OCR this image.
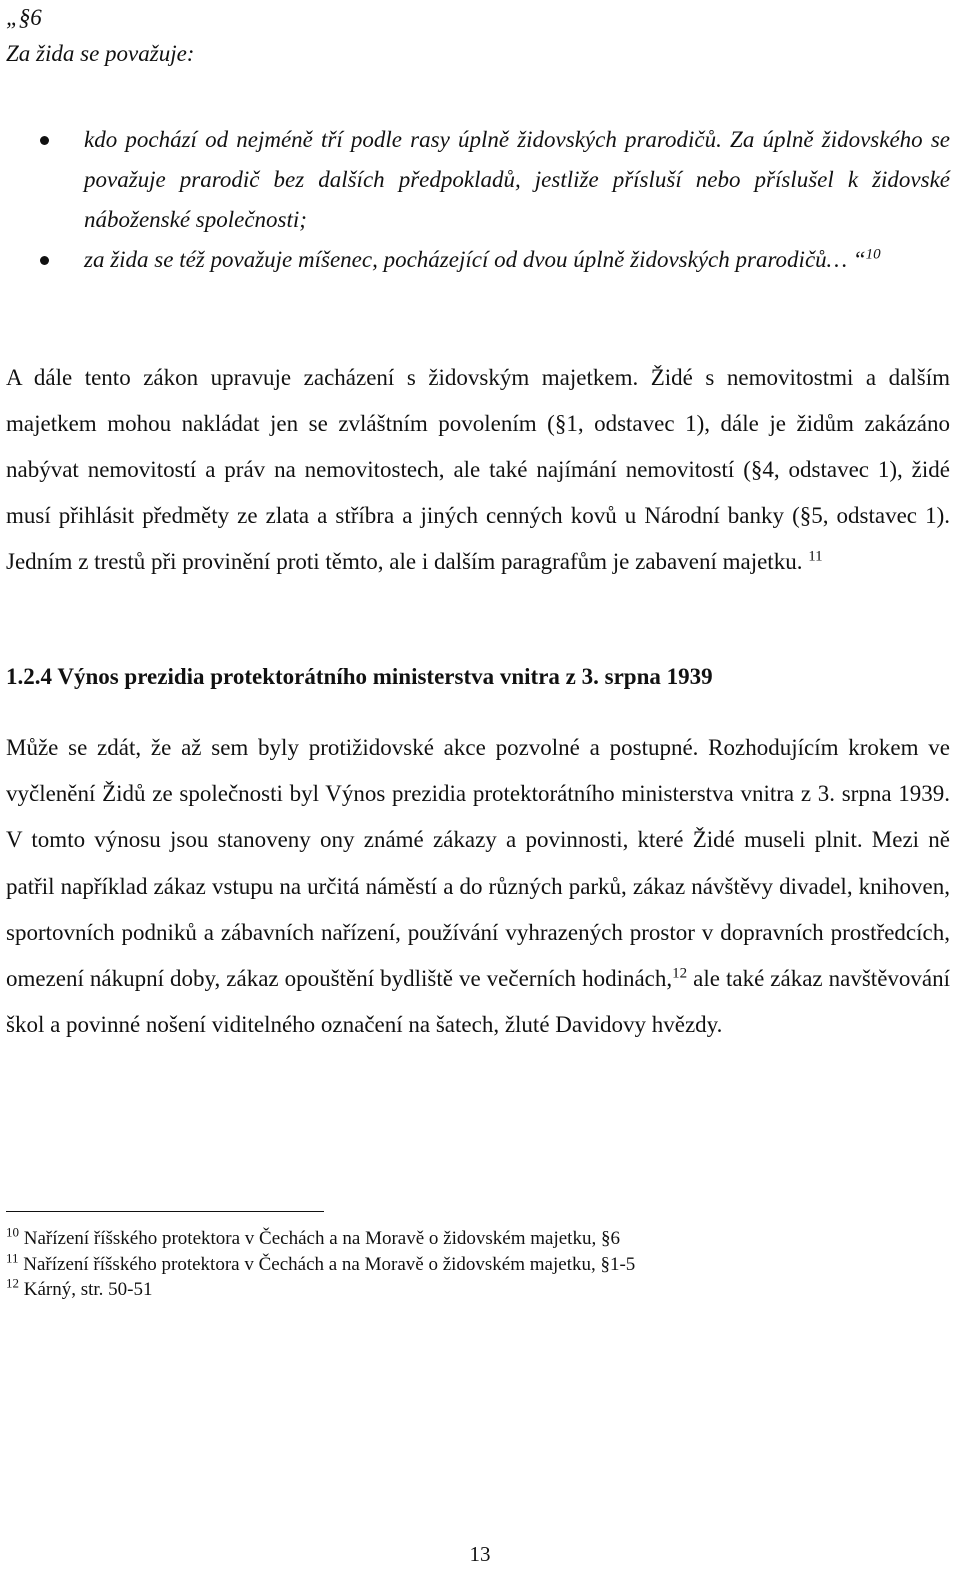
„§6
Za žida se považuje:
kdo pochází od nejméně tří podle rasy úplně židovských prarodičů. Za úplně židovského se považuje prarodič bez dalších předpokladů, jestliže přísluší nebo příslušel k židovské náboženské společnosti;
za žida se též považuje míšenec, pocházející od dvou úplně židovských prarodičů… “$^{10}$

A dále tento zákon upravuje zacházení s židovským majetkem. Židé s nemovitostmi a dalším majetkem mohou nakládat jen se zvláštním povolením (§1, odstavec 1), dále je židům zakázáno nabývat nemovitostí a práv na nemovitostech, ale také najímání nemovitostí (§4, odstavec 1), židé musí přihlásit předměty ze zlata a stříbra a jiných cenných kovů u Národní banky (§5, odstavec 1). Jedním z trestů při provinění proti těmto, ale i dalším paragrafům je zabavení majetku. $^{11}$

1.2.4 Výnos prezidia protektorátního ministerstva vnitra z 3. srpna 1939

Může se zdát, že až sem byly protižidovské akce pozvolné a postupné. Rozhodujícím krokem ve vyčlenění Židů ze společnosti byl Výnos prezidia protektorátního ministerstva vnitra z 3. srpna 1939. V tomto výnosu jsou stanoveny ony známé zákazy a povinnosti, které Židé museli plnit. Mezi ně patřil například zákaz vstupu na určitá náměstí a do různých parků, zákaz návštěvy divadel, knihoven, sportovních podniků a zábavních nařízení, používání vyhrazených prostor v dopravních prostředcích, omezení nákupní doby, zákaz opouštění bydliště ve večerních hodinách,$^{12}$ ale také zákaz navštěvování škol a povinné nošení viditelného označení na šatech, žluté Davidovy hvězdy.

$^{10}$ Nařízení říšského protektora v Čechách a na Moravě o židovském majetku, §6
$^{11}$ Nařízení říšského protektora v Čechách a na Moravě o židovském majetku, §1-5
$^{12}$ Kárný, str. 50-51
13
